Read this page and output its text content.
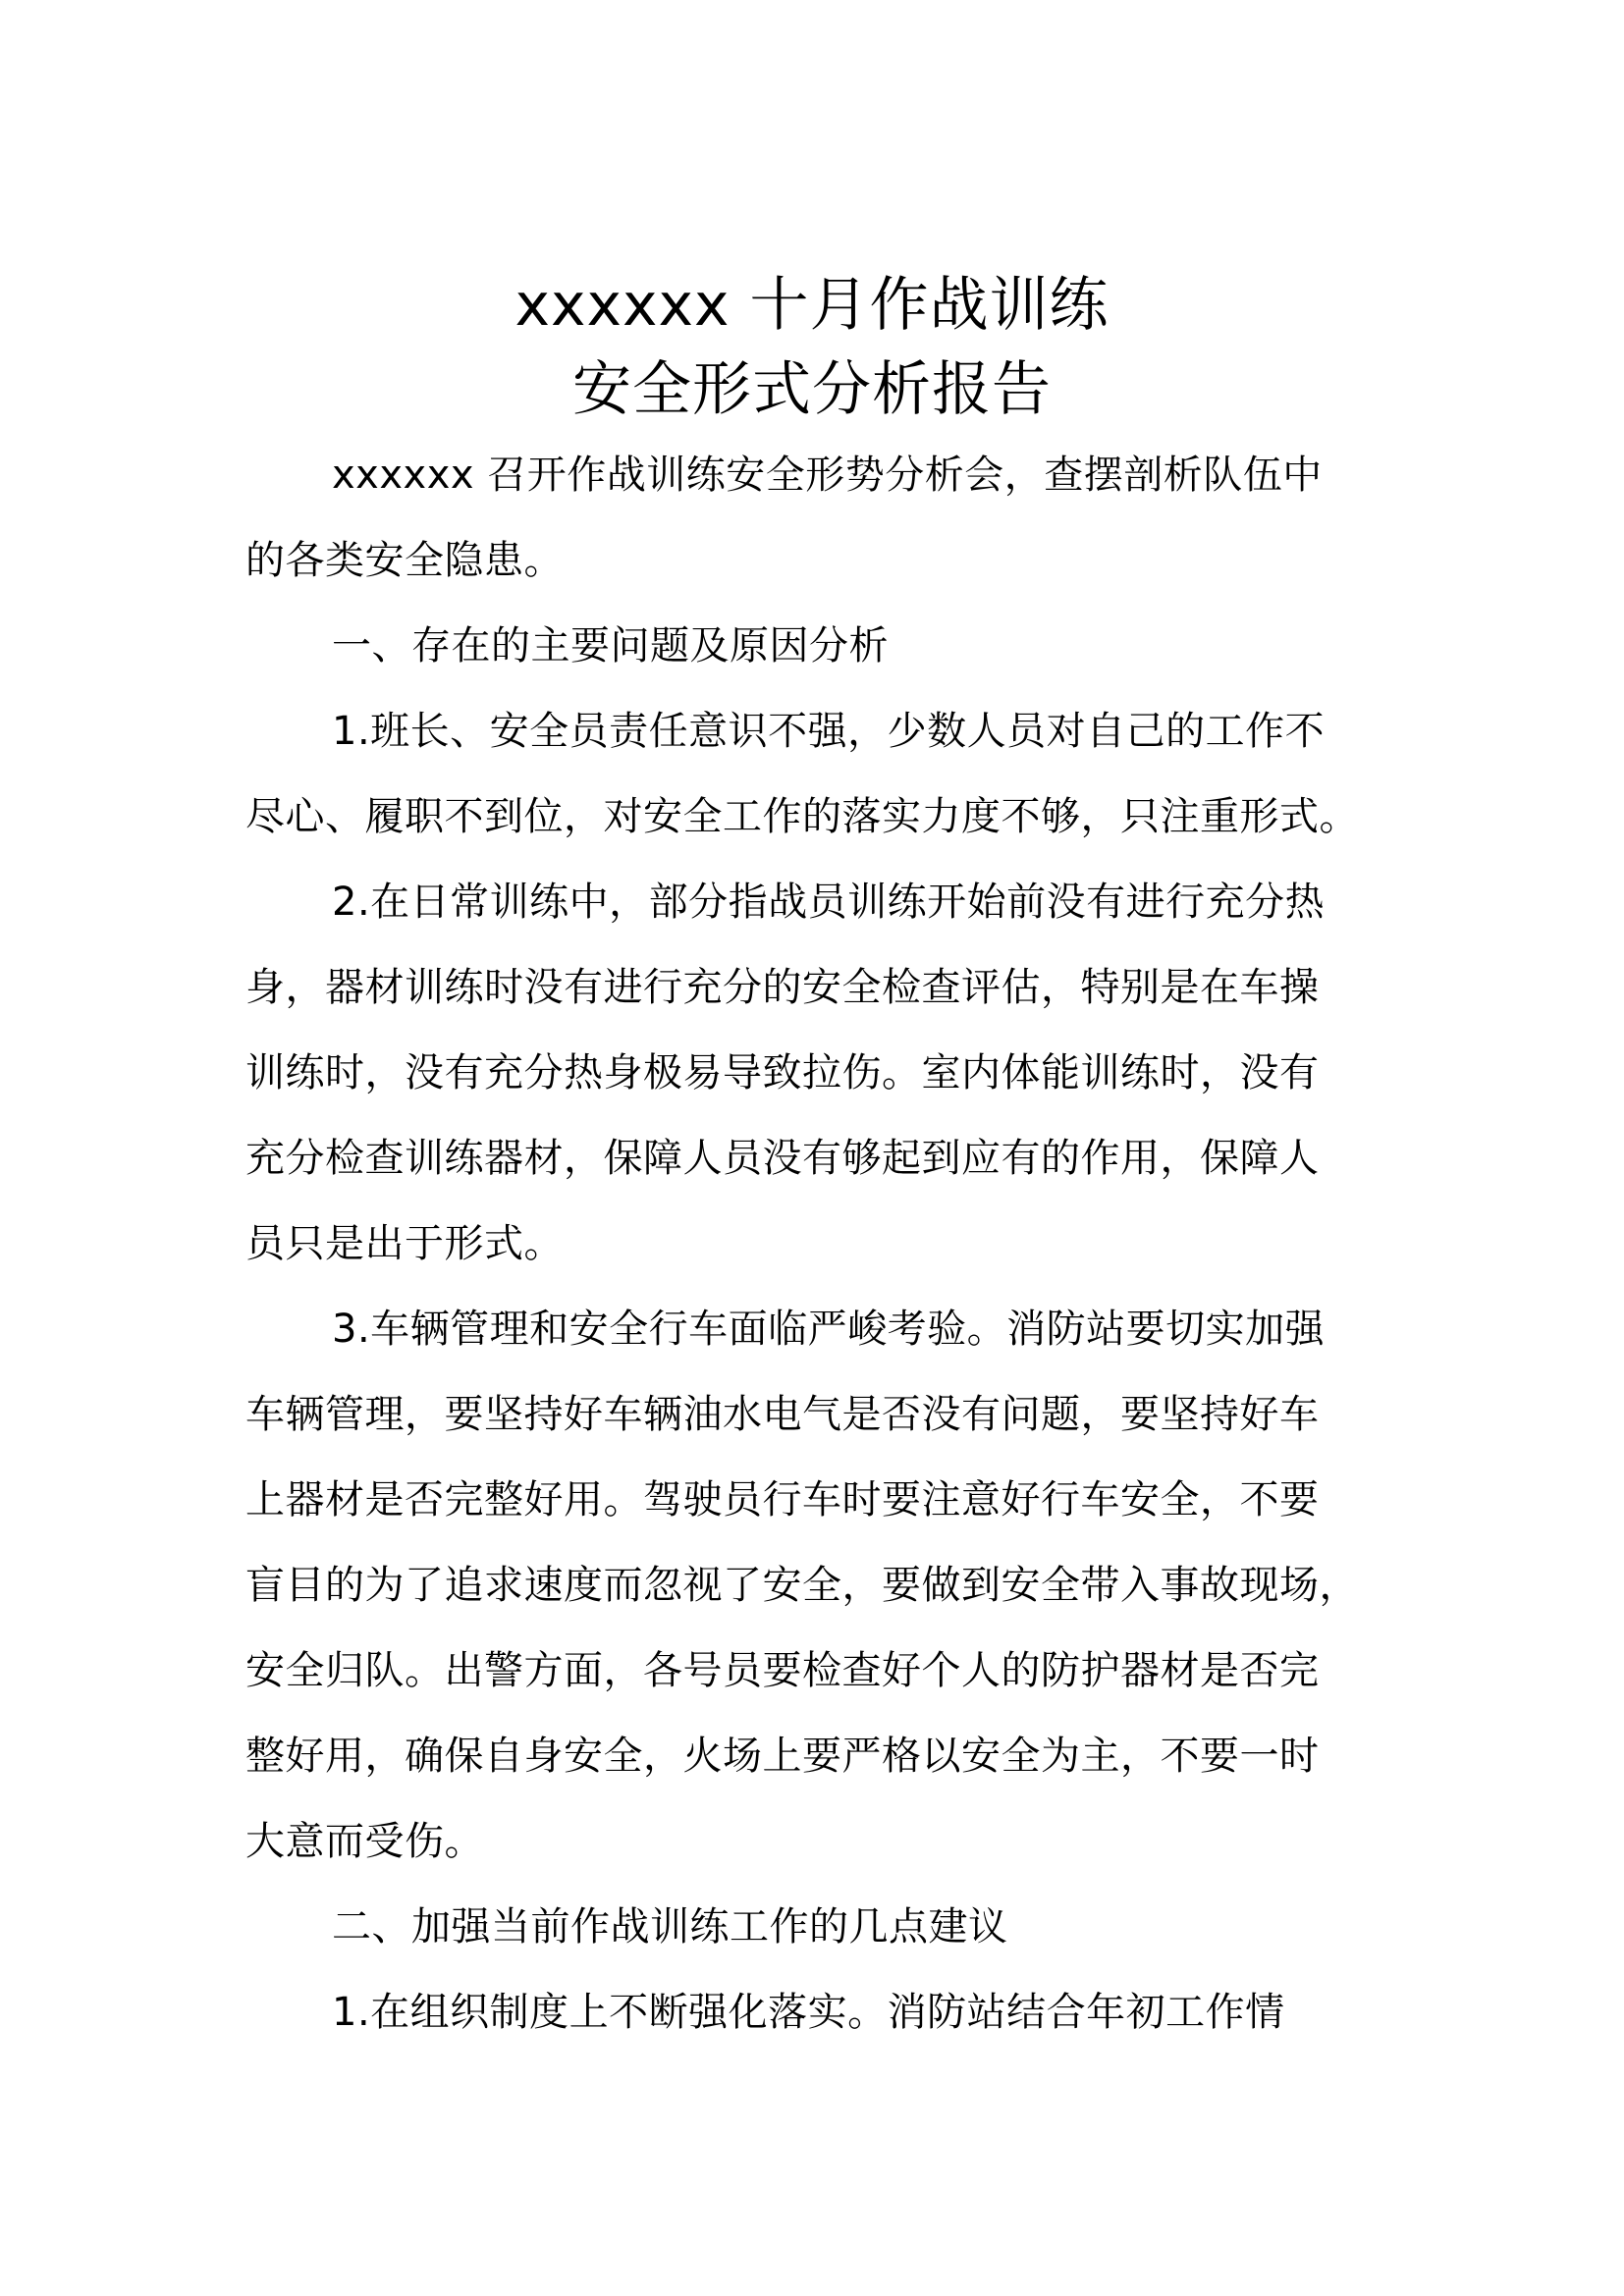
xxxxxx 十月作战训练
安全形式分析报告
xxxxxx 召开作战训练安全形势分析会，查摆剖析队伍中
的各类安全隐患。
一、存在的主要问题及原因分析
1.班长、安全员责任意识不强，少数人员对自己的工作不
尽心、履职不到位，对安全工作的落实力度不够，只注重形式。
2.在日常训练中，部分指战员训练开始前没有进行充分热
身，器材训练时没有进行充分的安全检查评估，特别是在车操
训练时，没有充分热身极易导致拉伤。室内体能训练时，没有
充分检查训练器材，保障人员没有够起到应有的作用，保障人
员只是出于形式。
3.车辆管理和安全行车面临严峻考验。消防站要切实加强
车辆管理，要坚持好车辆油水电气是否没有问题，要坚持好车
上器材是否完整好用。驾驶员行车时要注意好行车安全，不要
盲目的为了追求速度而忽视了安全，要做到安全带入事故现场，
安全归队。出警方面，各号员要检查好个人的防护器材是否完
整好用，确保自身安全，火场上要严格以安全为主，不要一时
大意而受伤。
二、加强当前作战训练工作的几点建议
1.在组织制度上不断强化落实。消防站结合年初工作情
